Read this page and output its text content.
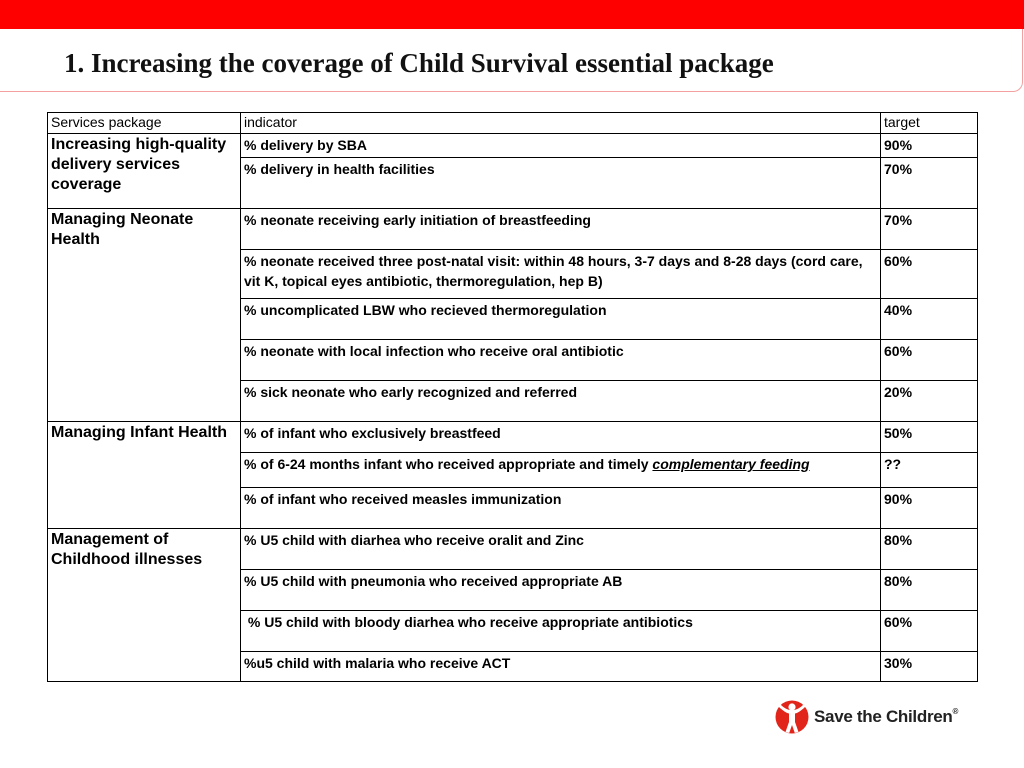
1. Increasing the coverage of Child Survival essential package
Services package	indicator	target
Increasing high-quality delivery services coverage	% delivery by SBA	90%
	% delivery in health facilities	70%
Managing Neonate Health	% neonate receiving early initiation of breastfeeding	70%
	% neonate received three post-natal visit: within 48 hours, 3-7 days and 8-28 days (cord care, vit K, topical eyes antibiotic, thermoregulation, hep B)	60%
	% uncomplicated LBW who recieved thermoregulation	40%
	% neonate with local infection who receive oral antibiotic	60%
	% sick neonate who early recognized and referred	20%
Managing Infant Health	% of infant who exclusively breastfeed	50%
	% of 6-24 months infant who received appropriate and timely complementary feeding	??
	% of infant who received measles immunization	90%
Management of Childhood illnesses	% U5 child with diarhea who receive oralit and Zinc	80%
	% U5 child with pneumonia who received appropriate AB	80%
	% U5 child with bloody diarhea who receive appropriate antibiotics	60%
	%u5 child with malaria who receive ACT	30%
Save the Children®
